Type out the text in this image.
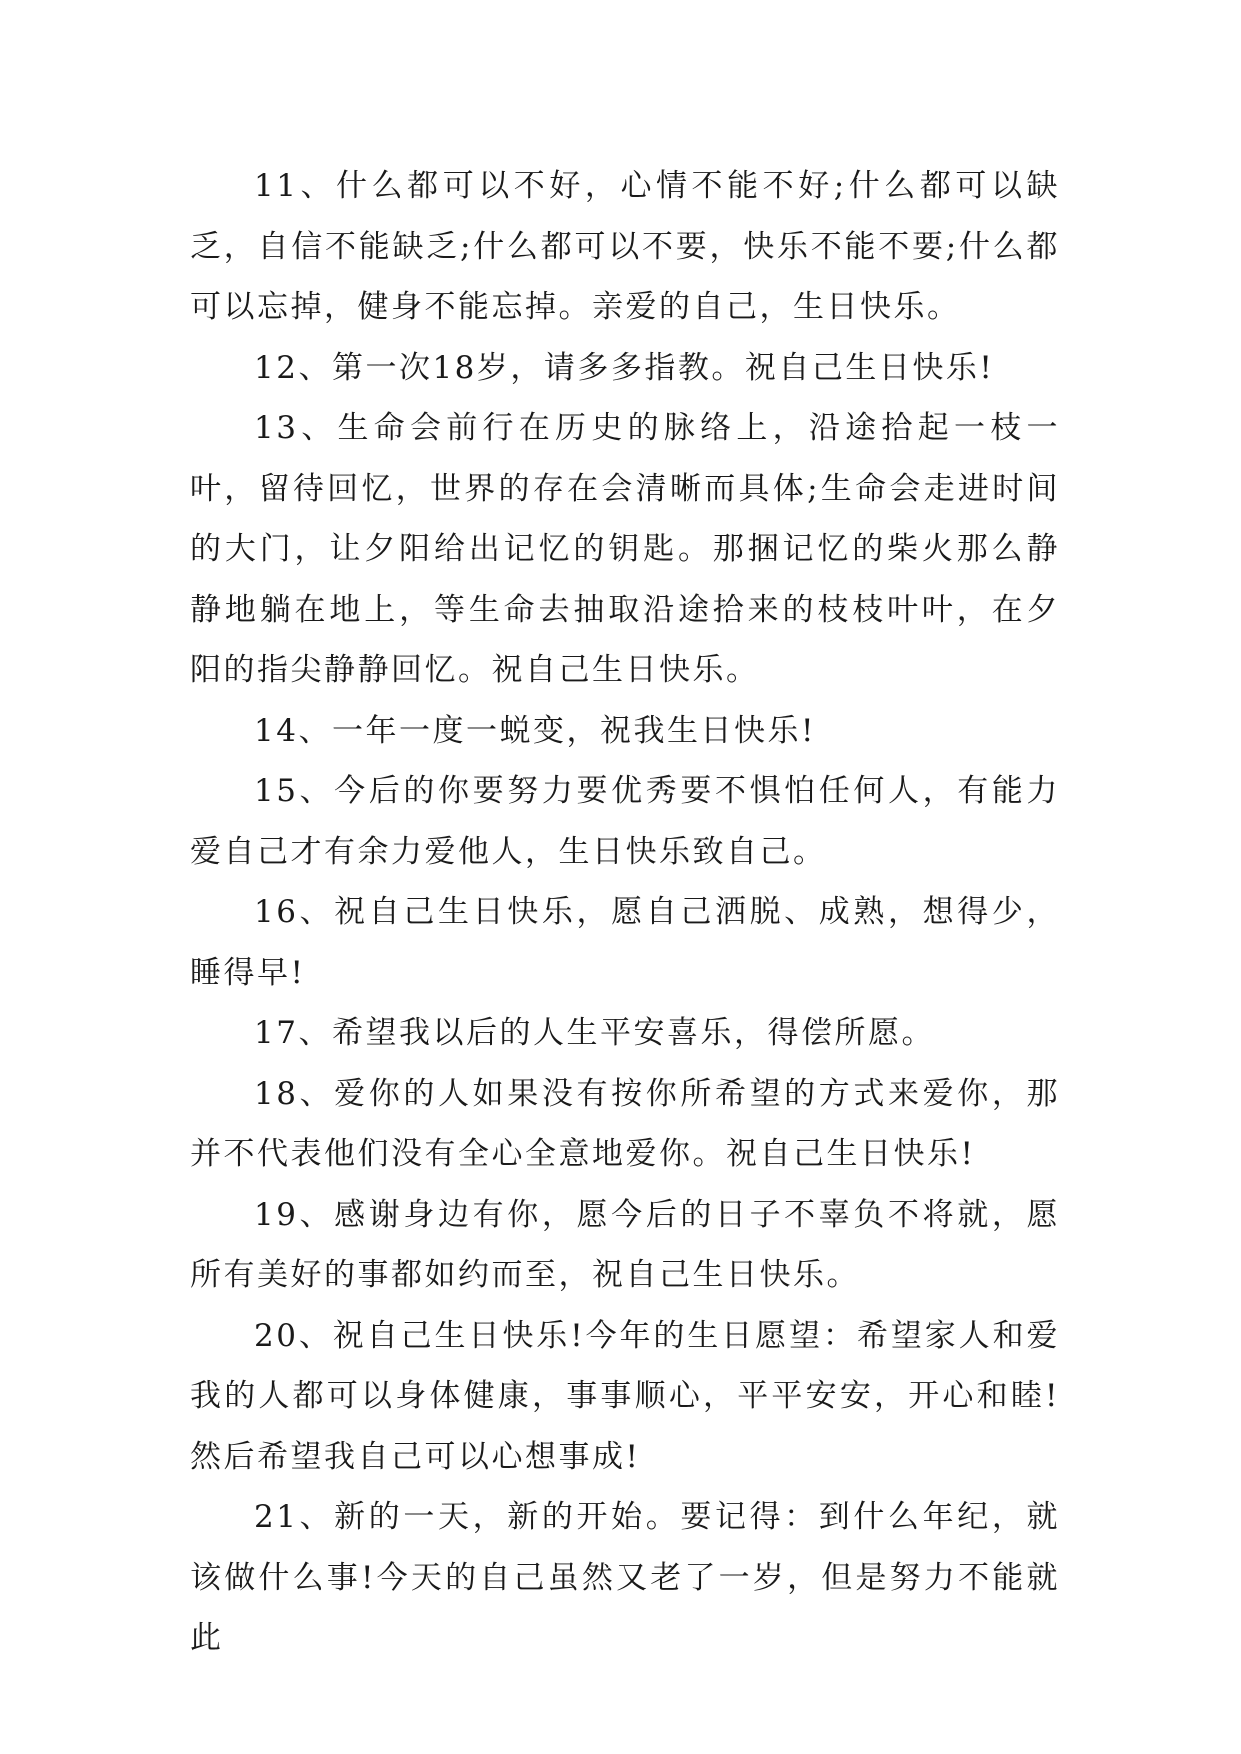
11、什么都可以不好，心情不能不好;什么都可以缺乏，自信不能缺乏;什么都可以不要，快乐不能不要;什么都可以忘掉，健身不能忘掉。亲爱的自己，生日快乐。

12、第一次18岁，请多多指教。祝自己生日快乐!

13、生命会前行在历史的脉络上，沿途拾起一枝一叶，留待回忆，世界的存在会清晰而具体;生命会走进时间的大门，让夕阳给出记忆的钥匙。那捆记忆的柴火那么静静地躺在地上，等生命去抽取沿途拾来的枝枝叶叶，在夕阳的指尖静静回忆。祝自己生日快乐。

14、一年一度一蜕变，祝我生日快乐!

15、今后的你要努力要优秀要不惧怕任何人，有能力爱自己才有余力爱他人，生日快乐致自己。

16、祝自己生日快乐，愿自己洒脱、成熟，想得少，睡得早!

17、希望我以后的人生平安喜乐，得偿所愿。

18、爱你的人如果没有按你所希望的方式来爱你，那并不代表他们没有全心全意地爱你。祝自己生日快乐!

19、感谢身边有你，愿今后的日子不辜负不将就，愿所有美好的事都如约而至，祝自己生日快乐。

20、祝自己生日快乐!今年的生日愿望：希望家人和爱我的人都可以身体健康，事事顺心，平平安安，开心和睦!然后希望我自己可以心想事成!

21、新的一天，新的开始。要记得：到什么年纪，就该做什么事!今天的自己虽然又老了一岁，但是努力不能就此
